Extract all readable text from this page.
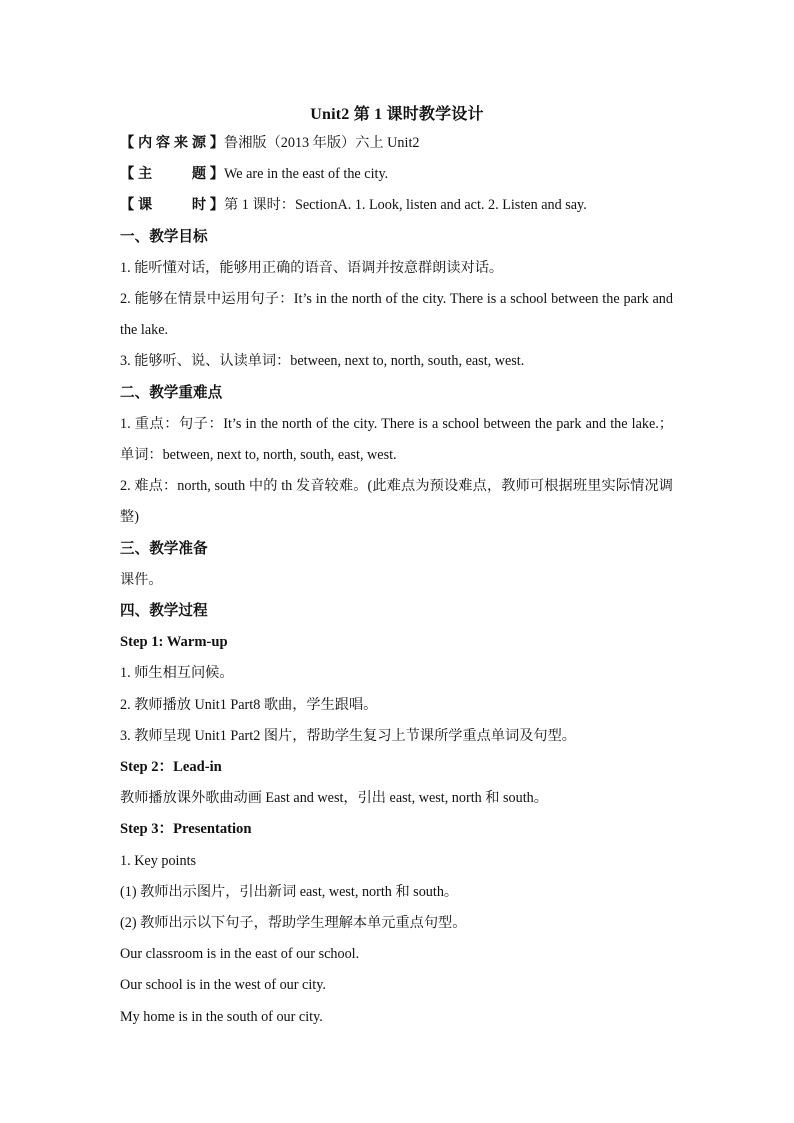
Unit2 第 1 课时教学设计
【内容来源】 鲁湘版（2013 年版）六上 Unit2
【主　　题】 We are in the east of the city.
【课　　时】 第 1 课时：SectionA. 1. Look, listen and act. 2. Listen and say.
一、教学目标
1. 能听懂对话，能够用正确的语音、语调并按意群朗读对话。
2. 能够在情景中运用句子：It’s in the north of the city. There is a school between the park and the lake.
3. 能够听、说、认读单词：between, next to, north, south, east, west.
二、教学重难点
1. 重点：句子：It’s in the north of the city. There is a school between the park and the lake.；单词：between, next to, north, south, east, west.
2. 难点：north, south 中的 th 发音较难。(此难点为预设难点，教师可根据班里实际情况调整)
三、教学准备
课件。
四、教学过程
Step 1: Warm-up
1. 师生相互问候。
2. 教师播放 Unit1 Part8 歌曲，学生跟唱。
3. 教师呈现 Unit1 Part2 图片，帮助学生复习上节课所学重点单词及句型。
Step 2：Lead-in
教师播放课外歌曲动画 East and west，引出 east, west, north 和 south。
Step 3：Presentation
1. Key points
(1) 教师出示图片，引出新词 east, west, north 和 south。
(2) 教师出示以下句子，帮助学生理解本单元重点句型。
Our classroom is in the east of our school.
Our school is in the west of our city.
My home is in the south of our city.
